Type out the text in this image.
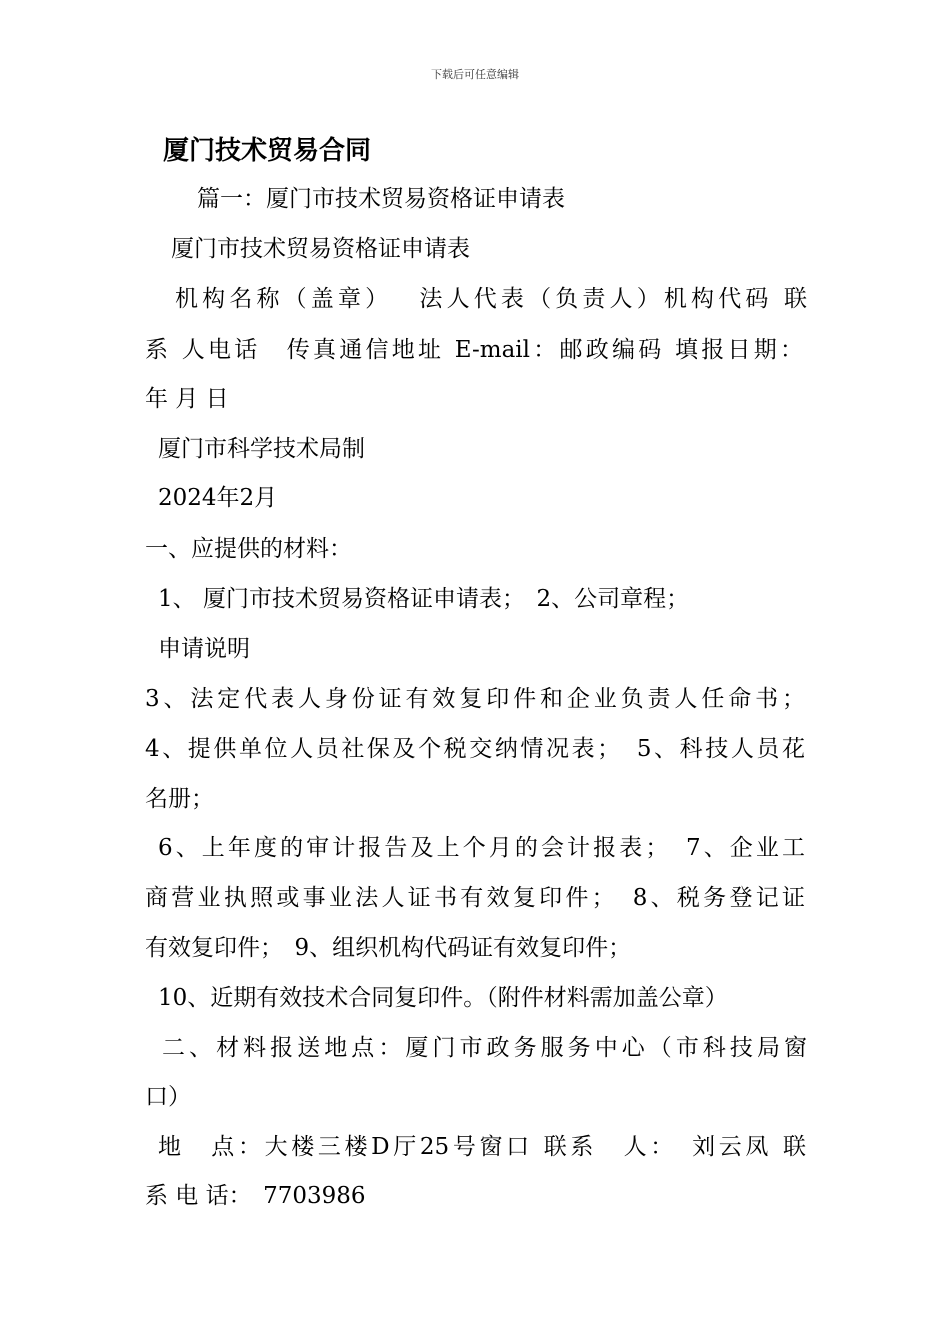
下载后可任意编辑
厦门技术贸易合同
篇一：厦门市技术贸易资格证申请表
厦门市技术贸易资格证申请表
机构名称（盖章）　 法人代表（负责人）机构代码 联
系 人电话　传真通信地址 E-mail：邮政编码 填报日期：
年 月 日
厦门市科学技术局制
2024年2月
一、应提供的材料：
1、 厦门市技术贸易资格证申请表；　2、公司章程；
申请说明
3、法定代表人身份证有效复印件和企业负责人任命书；
4、提供单位人员社保及个税交纳情况表；　5、科技人员花
名册；
6、上年度的审计报告及上个月的会计报表；　7、企业工
商营业执照或事业法人证书有效复印件；　8、税务登记证
有效复印件；　9、组织机构代码证有效复印件；
10、近期有效技术合同复印件。（附件材料需加盖公章）
二、材料报送地点：厦门市政务服务中心（市科技局窗
口）
地　点：大楼三楼D厅25号窗口 联系　人：　刘云凤 联
系 电 话：　7703986
